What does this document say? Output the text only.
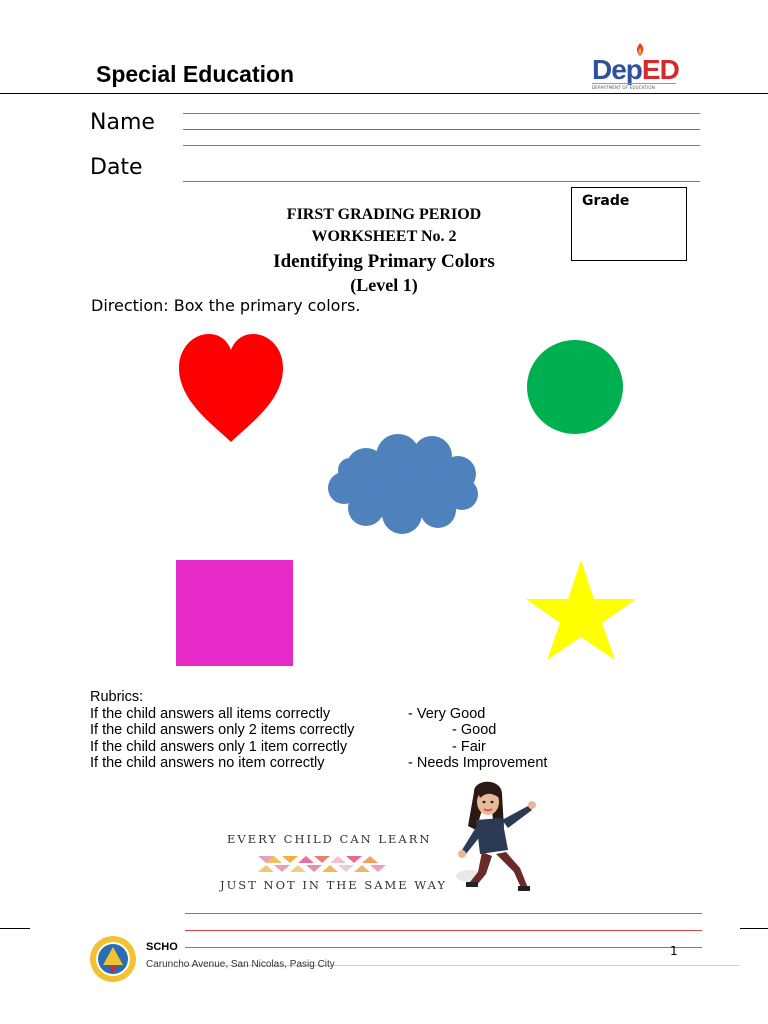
Special Education	DepED
DEPARTMENT OF EDUCATION
Name
Date
Grade
FIRST GRADING PERIOD
WORKSHEET No. 2
Identifying Primary Colors
(Level 1)
Direction: Box the primary colors.
Rubrics:
If the child answers all items correctly	- Very Good
If the child answers only 2 items correctly	- Good
If the child answers only 1 item correctly	- Fair
If the child answers no item correctly	- Needs Improvement
EVERY CHILD CAN LEARN
JUST NOT IN THE SAME WAY
SCHO
Caruncho Avenue, San Nicolas, Pasig City
1
